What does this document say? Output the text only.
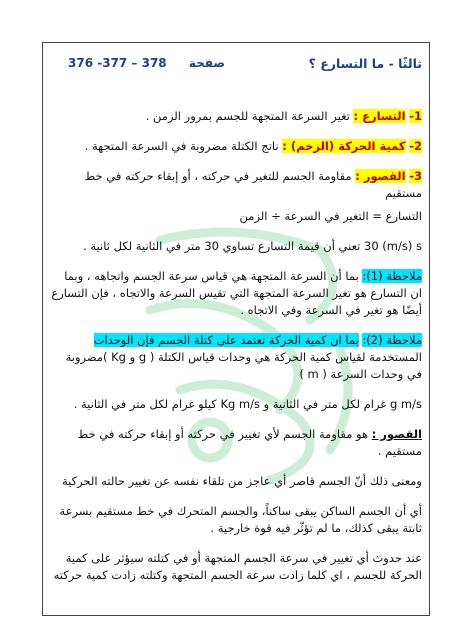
ثالثًا - ما التسارع ؟
صفحة 376 -377 – 378
1- التسارع : تغير السرعة المتجهة للجسم بمرور الزمن .
2- كمية الحركة (الزخم) : ناتج الكتلة مضروبة في السرعة المتجهة .
3- القصور : مقاومة الجسم للتغير في حركته ، أو إبقاء حركته في خط مستقيم

التسارع = التغير في السرعة ÷ الزمن

30 (m/s) s تعني أن قيمة التسارع تساوي 30 متر في الثانية لكل ثانية .

ملاحظة (1): بما أن السرعة المتجهة هي قياس سرعة الجسم واتجاهه ، وبما ان التسارع هو تغير السرعة المتجهة التي تقيس السرعة والاتجاه ، فإن التسارع أيضًا هو تغير في السرعة وفي الاتجاه .

ملاحظة (2): بما ان كمية الحركة تعتمد على كتلة الجسم فإن الوحدات المستخدمة لقياس كمية الحركة هي وحدات قياس الكتلة ( g و Kg )مضروبة في وحدات السرعة ( m )

g m/s غرام لكل متر في الثانية و Kg m/s كيلو غرام لكل متر في الثانية .

القصور : هو مقاومة الجسم لأي تغيير في حركته أو إبقاء حركته في خط مستقيم .

ومعنى ذلك أنّ الجسم قاصر أي عاجز من تلقاء نفسه عن تغيير حالته الحركية

أي أن الجسم الساكن يبقى ساكناً، والجسم المتحرك في خط مستقيم بسرعة ثابتة يبقى كذلك، ما لم تؤثّر فيه قوة خارجية .

عند حدوث أي تغيير في سرعة الجسم المتجهة أو في كتلته سيؤثر على كمية الحركة للجسم ، اي كلما زادت سرعة الجسم المتجهة وكتلته زادت كمية حركته
